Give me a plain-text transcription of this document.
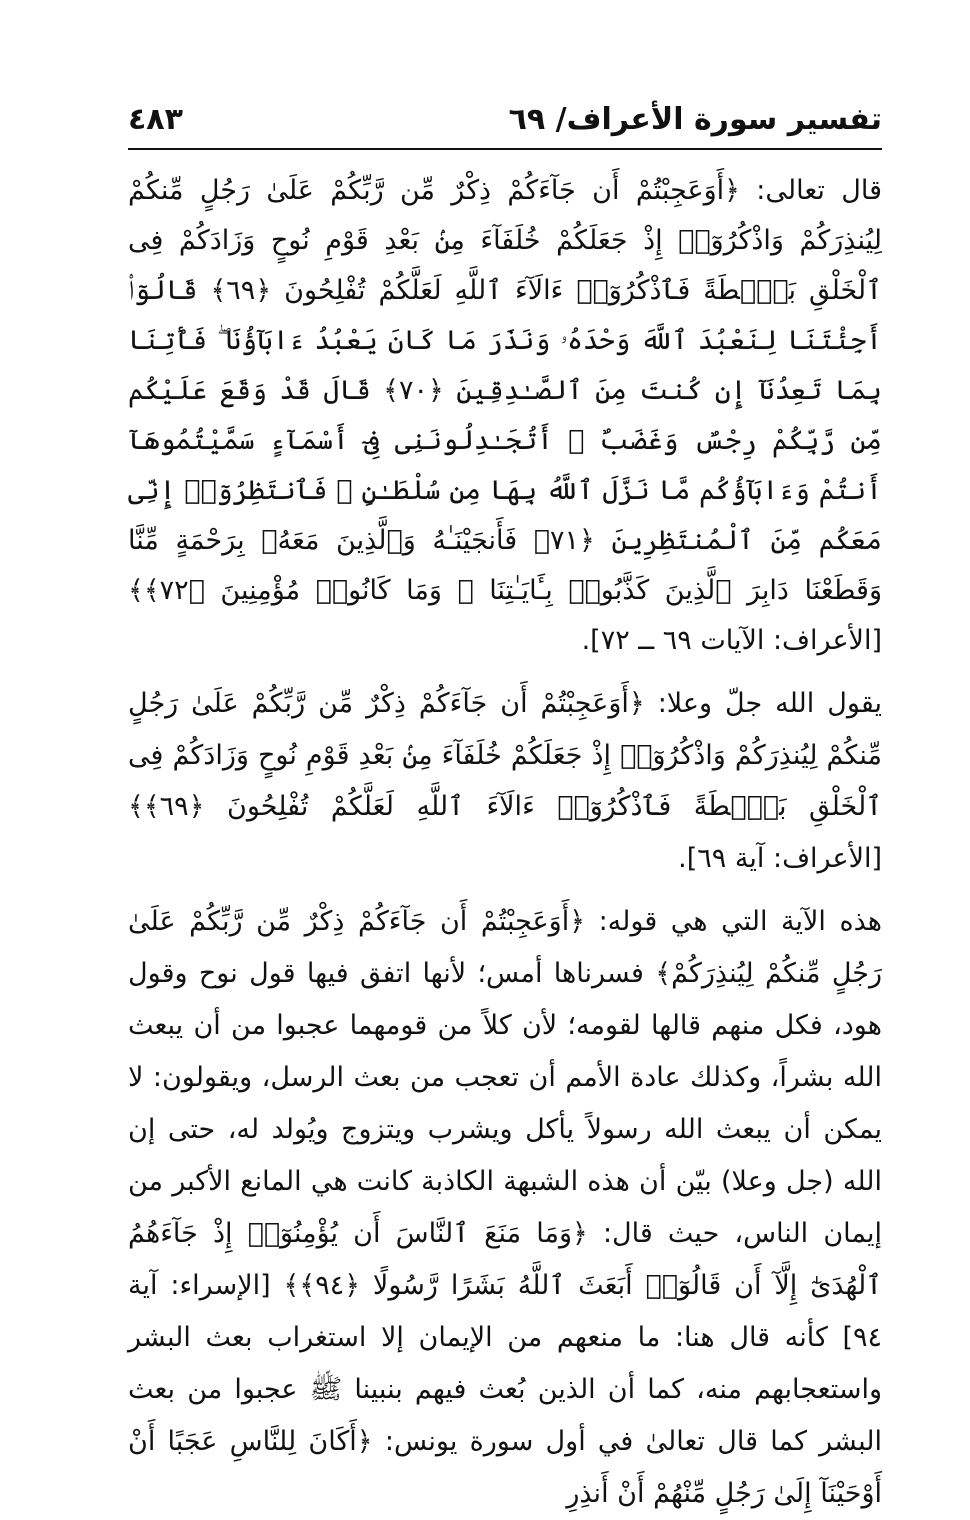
٤٨٣	تفسير سورة الأعراف/ ٦٩

قال تعالى: ﴿أَوَعَجِبْتُمْ أَن جَآءَكُمْ ذِكْرٌ مِّن رَّبِّكُمْ عَلَىٰ رَجُلٍ مِّنكُمْ لِيُنذِرَكُمْ وَاذْكُرُوٓا۟ إِذْ جَعَلَكُمْ خُلَفَآءَ مِنۢ بَعْدِ قَوْمِ نُوحٍ وَزَادَكُمْ فِى ٱلْخَلْقِ بَصْۜطَةً فَٱذْكُرُوٓا۟ ءَالَآءَ ٱللَّهِ لَعَلَّكُمْ تُفْلِحُونَ ﴿٦٩﴾ قَالُوٓا۟ أَجِئْتَنَا لِنَعْبُدَ ٱللَّهَ وَحْدَهُۥ وَنَذَرَ مَا كَانَ يَعْبُدُ ءَابَآؤُنَا ۖ فَأْتِنَا بِمَا تَعِدُنَآ إِن كُنتَ مِنَ ٱلصَّـٰدِقِينَ ﴿٧٠﴾ قَالَ قَدْ وَقَعَ عَلَيْكُم مِّن رَّبِّكُمْ رِجْسٌ وَغَضَبٌ ۖ أَتُجَـٰدِلُونَنِى فِىٓ أَسْمَآءٍ سَمَّيْتُمُوهَآ أَنتُمْ وَءَابَآؤُكُم مَّا نَزَّلَ ٱللَّهُ بِهَا مِن سُلْطَـٰنٍ ۚ فَٱنتَظِرُوٓا۟ إِنِّى مَعَكُم مِّنَ ٱلْمُنتَظِرِينَ ﴿٧١﴾ فَأَنجَيْنَـٰهُ وَٱلَّذِينَ مَعَهُۥ بِرَحْمَةٍ مِّنَّا وَقَطَعْنَا دَابِرَ ٱلَّذِينَ كَذَّبُوا۟ بِـَٔايَـٰتِنَا ۖ وَمَا كَانُوا۟ مُؤْمِنِينَ ﴿٧٢﴾﴾ [الأعراف: الآيات ٦٩ ــ ٧٢].

يقول الله جلّ وعلا: ﴿أَوَعَجِبْتُمْ أَن جَآءَكُمْ ذِكْرٌ مِّن رَّبِّكُمْ عَلَىٰ رَجُلٍ مِّنكُمْ لِيُنذِرَكُمْ وَاذْكُرُوٓا۟ إِذْ جَعَلَكُمْ خُلَفَآءَ مِنۢ بَعْدِ قَوْمِ نُوحٍ وَزَادَكُمْ فِى ٱلْخَلْقِ بَصْۜطَةً فَٱذْكُرُوٓا۟ ءَالَآءَ ٱللَّهِ لَعَلَّكُمْ تُفْلِحُونَ ﴿٦٩﴾﴾ [الأعراف: آية ٦٩].

هذه الآية التي هي قوله: ﴿أَوَعَجِبْتُمْ أَن جَآءَكُمْ ذِكْرٌ مِّن رَّبِّكُمْ عَلَىٰ رَجُلٍ مِّنكُمْ لِيُنذِرَكُمْ﴾ فسرناها أمس؛ لأنها اتفق فيها قول نوح وقول هود، فكل منهم قالها لقومه؛ لأن كلاً من قومهما عجبوا من أن يبعث الله بشراً، وكذلك عادة الأمم أن تعجب من بعث الرسل، ويقولون: لا يمكن أن يبعث الله رسولاً يأكل ويشرب ويتزوج ويُولد له، حتى إن الله (جل وعلا) بيّن أن هذه الشبهة الكاذبة كانت هي المانع الأكبر من إيمان الناس، حيث قال: ﴿وَمَا مَنَعَ ٱلنَّاسَ أَن يُؤْمِنُوٓا۟ إِذْ جَآءَهُمُ ٱلْهُدَىٰٓ إِلَّآ أَن قَالُوٓا۟ أَبَعَثَ ٱللَّهُ بَشَرًا رَّسُولًا ﴿٩٤﴾﴾ [الإسراء: آية ٩٤] كأنه قال هنا: ما منعهم من الإيمان إلا استغراب بعث البشر واستعجابهم منه، كما أن الذين بُعث فيهم بنبينا ﷺ عجبوا من بعث البشر كما قال تعالىٰ في أول سورة يونس: ﴿أَكَانَ لِلنَّاسِ عَجَبًا أَنْ أَوْحَيْنَآ إِلَىٰ رَجُلٍ مِّنْهُمْ أَنْ أَنذِرِ
